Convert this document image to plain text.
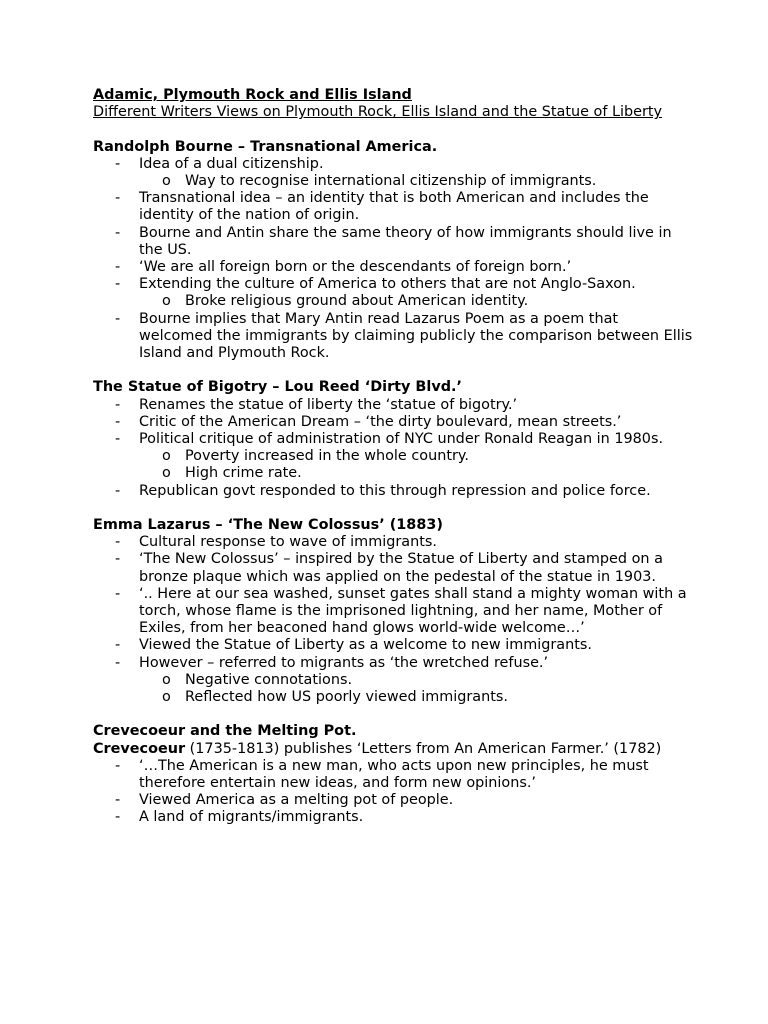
Adamic, Plymouth Rock and Ellis Island
Different Writers Views on Plymouth Rock, Ellis Island and the Statue of Liberty
Randolph Bourne – Transnational America.
- Idea of a dual citizenship.
o Way to recognise international citizenship of immigrants.
- Transnational idea – an identity that is both American and includes the identity of the nation of origin.
- Bourne and Antin share the same theory of how immigrants should live in the US.
- ‘We are all foreign born or the descendants of foreign born.’
- Extending the culture of America to others that are not Anglo-Saxon.
o Broke religious ground about American identity.
- Bourne implies that Mary Antin read Lazarus Poem as a poem that welcomed the immigrants by claiming publicly the comparison between Ellis Island and Plymouth Rock.
The Statue of Bigotry – Lou Reed ‘Dirty Blvd.’
- Renames the statue of liberty the ‘statue of bigotry.’
- Critic of the American Dream – ‘the dirty boulevard, mean streets.’
- Political critique of administration of NYC under Ronald Reagan in 1980s.
o Poverty increased in the whole country.
o High crime rate.
- Republican govt responded to this through repression and police force.
Emma Lazarus – ‘The New Colossus’ (1883)
- Cultural response to wave of immigrants.
- ‘The New Colossus’ – inspired by the Statue of Liberty and stamped on a bronze plaque which was applied on the pedestal of the statue in 1903.
- ‘.. Here at our sea washed, sunset gates shall stand a mighty woman with a torch, whose flame is the imprisoned lightning, and her name, Mother of Exiles, from her beaconed hand glows world-wide welcome…’
- Viewed the Statue of Liberty as a welcome to new immigrants.
- However – referred to migrants as ‘the wretched refuse.’
o Negative connotations.
o Reflected how US poorly viewed immigrants.
Crevecoeur and the Melting Pot.
Crevecoeur (1735-1813) publishes ‘Letters from An American Farmer.’ (1782)
- ‘…The American is a new man, who acts upon new principles, he must therefore entertain new ideas, and form new opinions.’
- Viewed America as a melting pot of people.
- A land of migrants/immigrants.
